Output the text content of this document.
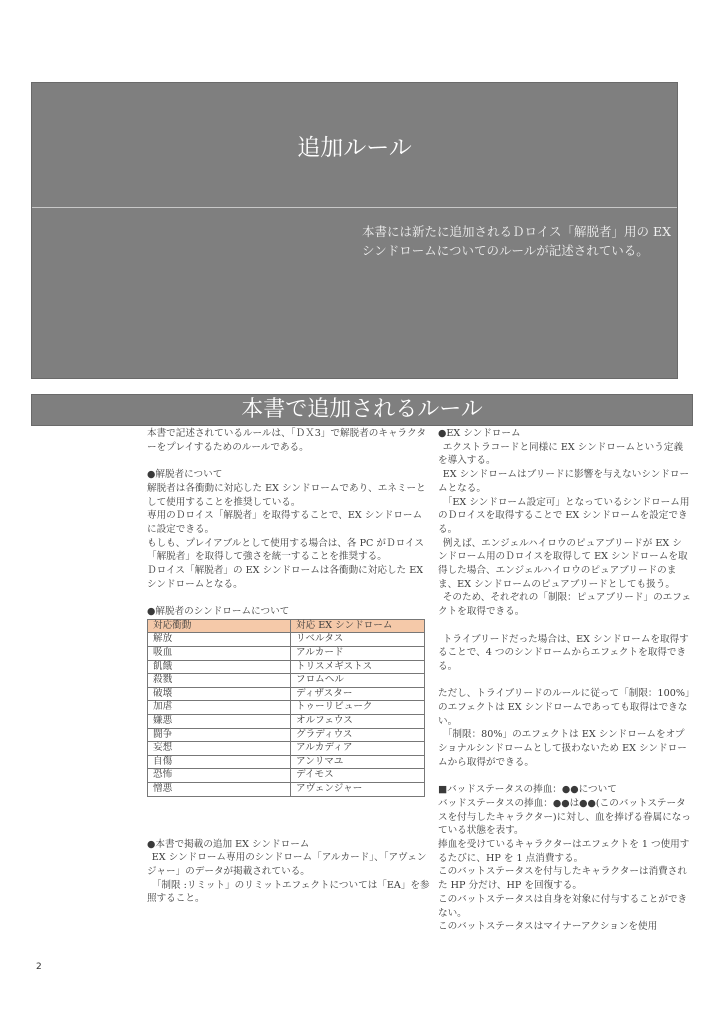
追加ルール
本書には新たに追加されるＤロイス「解脱者」用の EX シンドロームについてのルールが記述されている。
本書で追加されるルール

本書で記述されているルールは、「ＤＸ3」で解脱者のキャラクターをプレイするためのルールである。

●解脱者について

解脱者は各衝動に対応した EX シンドロームであり、エネミーとして使用することを推奨している。

専用のＤロイス「解脱者」を取得することで、EX シンドロームに設定できる。

もしも、プレイアブルとして使用する場合は、各 PC がＤロイス「解脱者」を取得して強さを統一することを推奨する。

Ｄロイス「解脱者」の EX シンドロームは各衝動に対応した EX シンドロームとなる。

●解脱者のシンドロームについて

対応衝動	対応 EX シンドローム
解放	リベルタス
吸血	アルカード
飢餓	トリスメギストス
殺戮	フロムヘル
破壊	ディザスター
加虐	トゥーリビューク
嫌悪	オルフェウス
闘争	グラディウス
妄想	アルカディア
自傷	アンリマユ
恐怖	デイモス
憎悪	アヴェンジャー

●本書で掲載の追加 EX シンドローム

EX シンドローム専用のシンドローム「アルカード」、「アヴェンジャー」のデータが掲載されている。

「制限 :リミット」のリミットエフェクトについては「EA」を参照すること。

●EX シンドローム

エクストラコードと同様に EX シンドロームという定義を導入する。

EX シンドロームはブリードに影響を与えないシンドロームとなる。

「EX シンドローム設定可」となっているシンドローム用のＤロイスを取得することで EX シンドロームを設定できる。

例えば、エンジェルハイロウのピュアブリードが EX シンドローム用のＤロイスを取得して EX シンドロームを取得した場合、エンジェルハイロウのピュアブリードのまま、EX シンドロームのピュアブリードとしても扱う。

そのため、それぞれの「制限：ピュアブリード」のエフェクトを取得できる。

トライブリードだった場合は、EX シンドロームを取得することで、4 つのシンドロームからエフェクトを取得できる。

ただし、トライブリードのルールに従って「制限：100%」のエフェクトは EX シンドロームであっても取得はできない。

「制限：80%」のエフェクトは EX シンドロームをオプショナルシンドロームとして扱わないため EX シンドロームから取得ができる。

■バッドステータスの捧血：●●について

バッドステータスの捧血：●●は●●(このバットステータスを付与したキャラクター)に対し、血を捧げる眷属になっている状態を表す。

捧血を受けているキャラクターはエフェクトを 1 つ使用するたびに、HP を 1 点消費する。

このバットステータスを付与したキャラクターは消費された HP 分だけ、HP を回復する。

このバットステータスは自身を対象に付与することができない。

このバットステータスはマイナーアクションを使用

2
